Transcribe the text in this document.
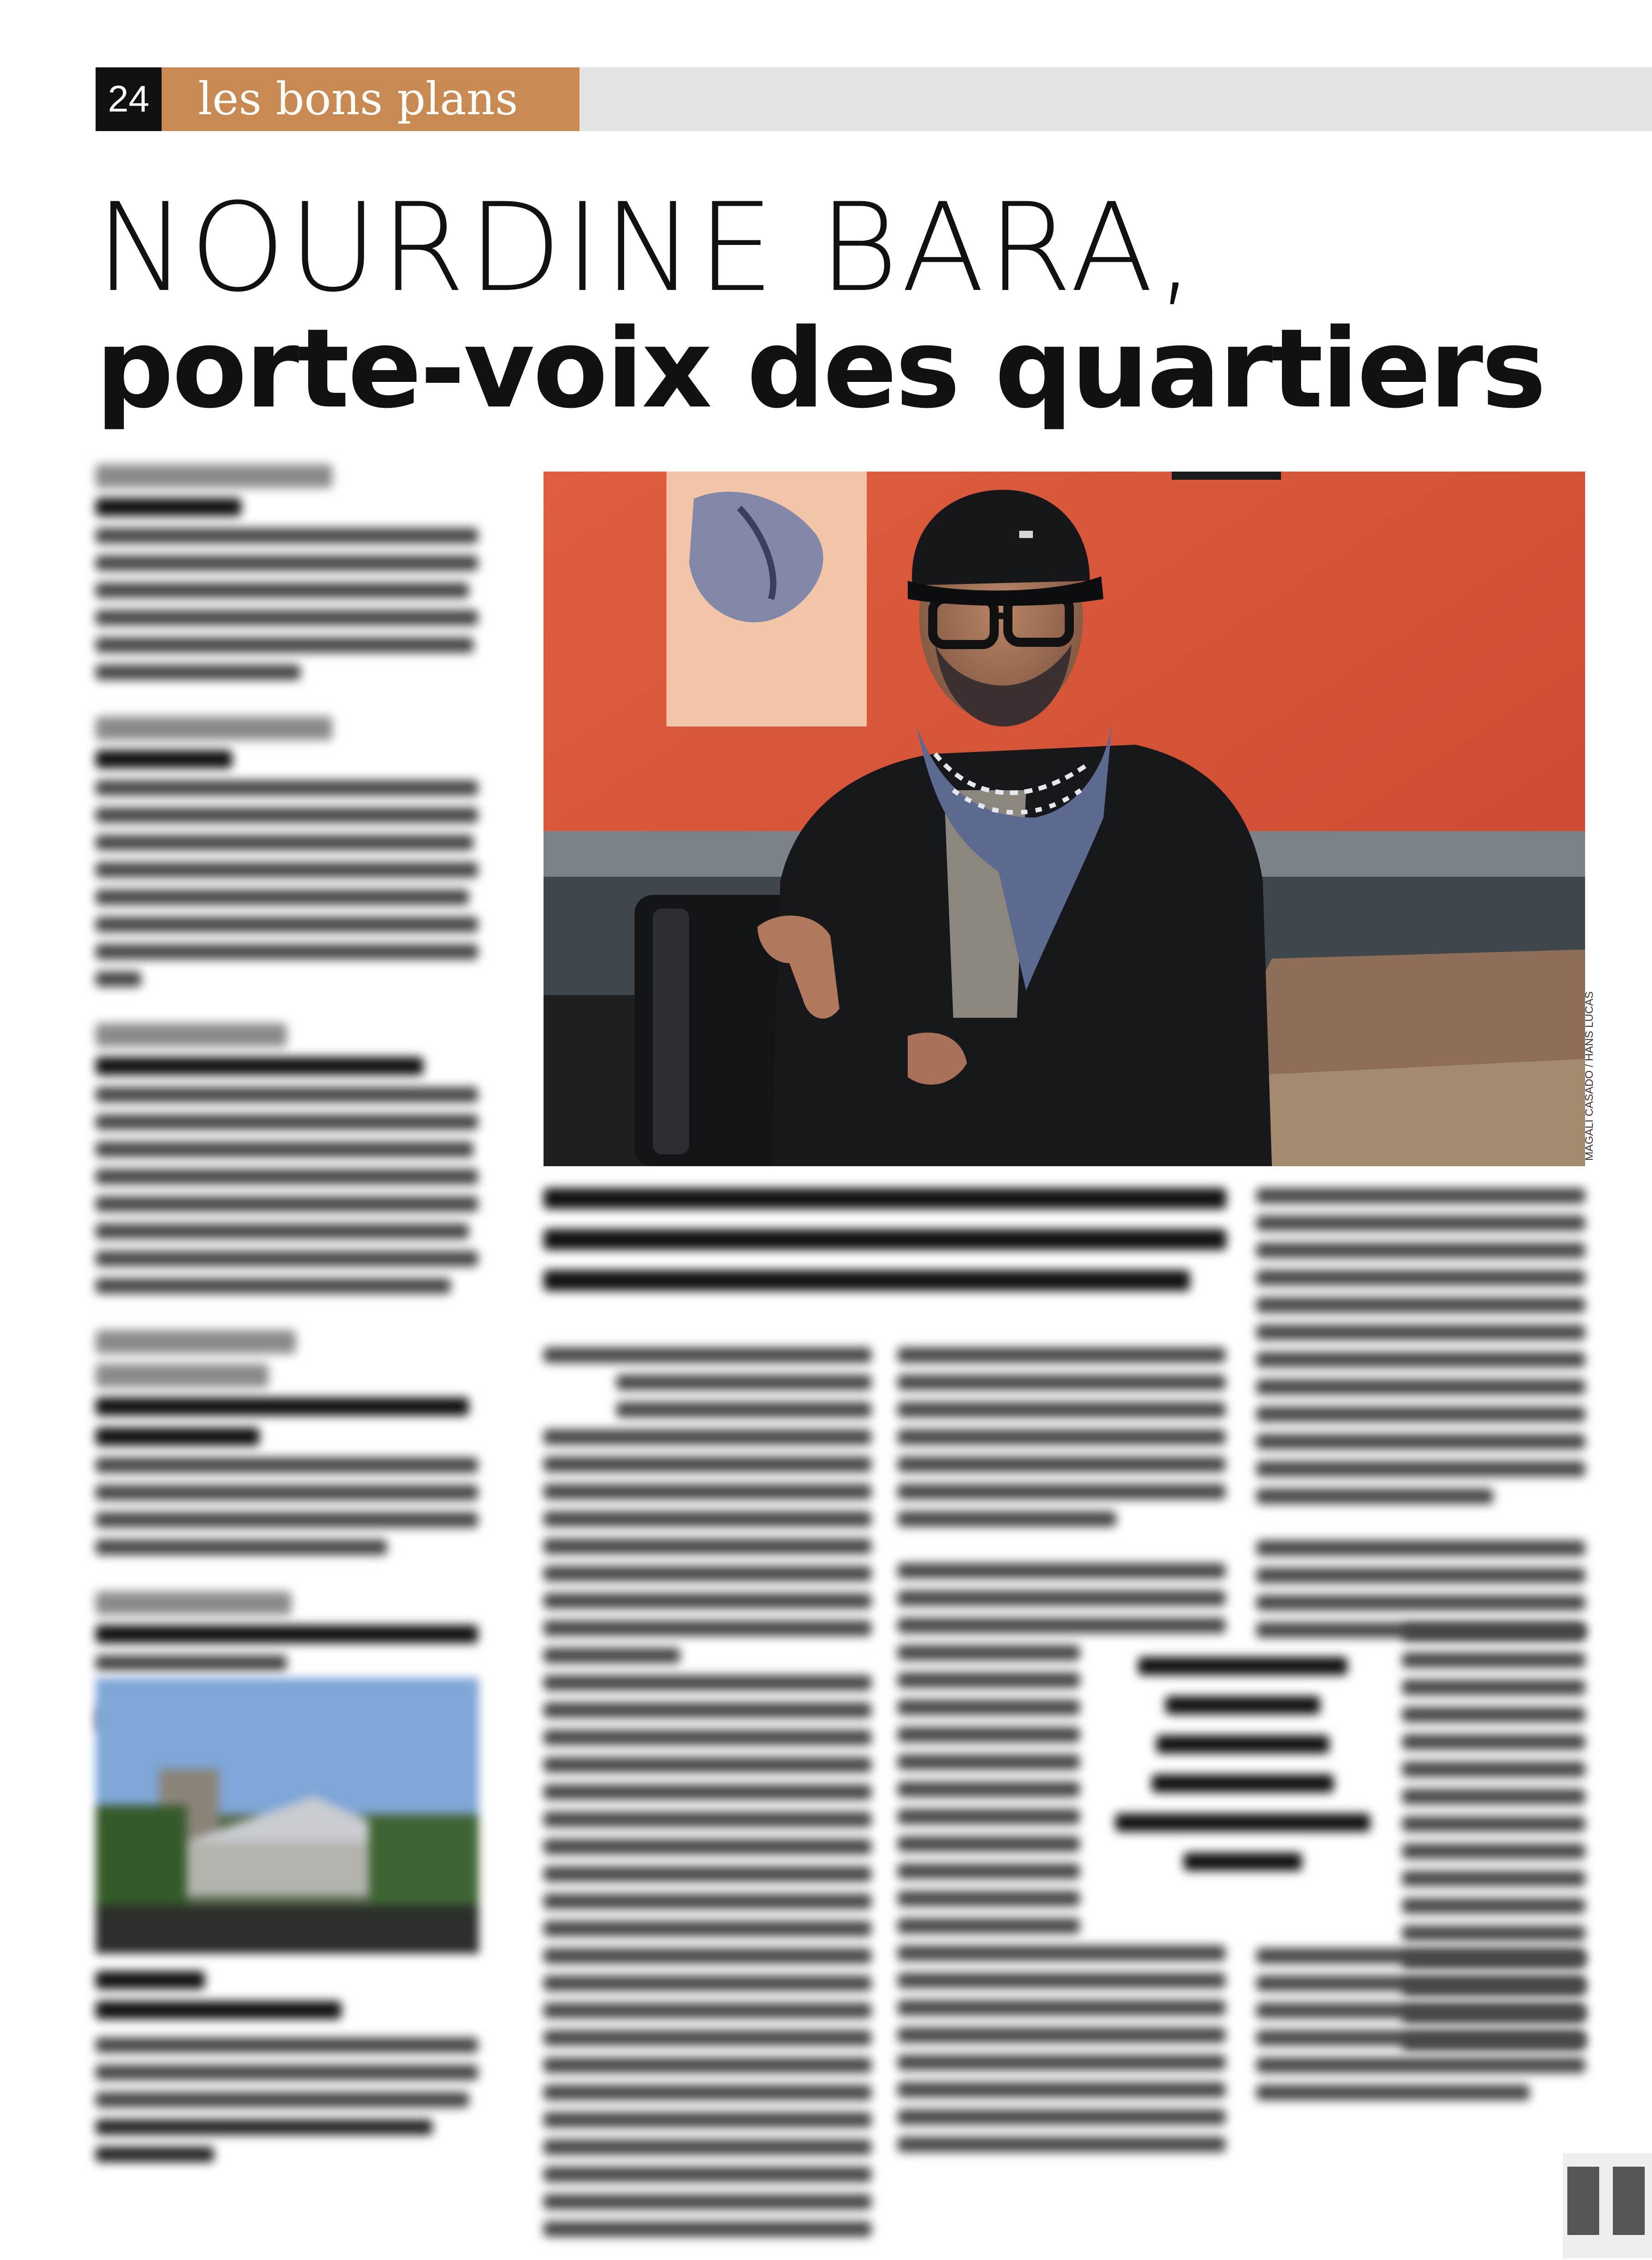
24	les bons plans
NOURDINE BARA,
porte-voix des quartiers
MAGALI CASADO / HANS LUCAS
